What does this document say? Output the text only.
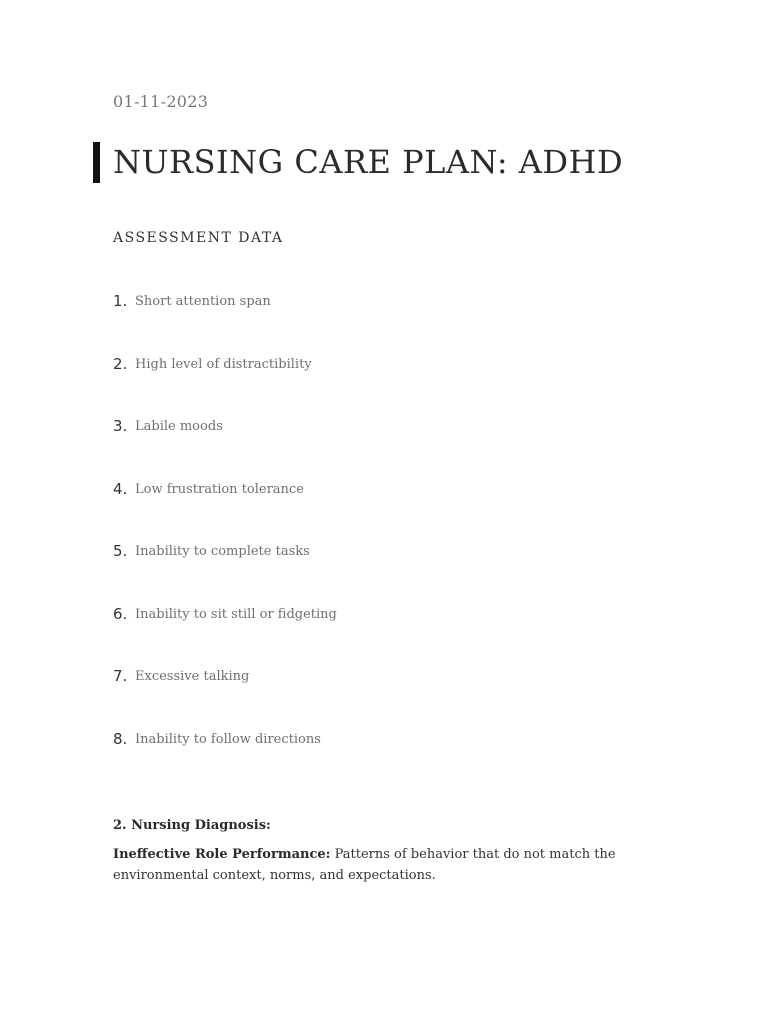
01-11-2023
NURSING CARE PLAN: ADHD
ASSESSMENT DATA
1. Short attention span
2. High level of distractibility
3. Labile moods
4. Low frustration tolerance
5. Inability to complete tasks
6. Inability to sit still or fidgeting
7. Excessive talking
8. Inability to follow directions
2. Nursing Diagnosis:

Ineffective Role Performance: Patterns of behavior that do not match the environmental context, norms, and expectations.
